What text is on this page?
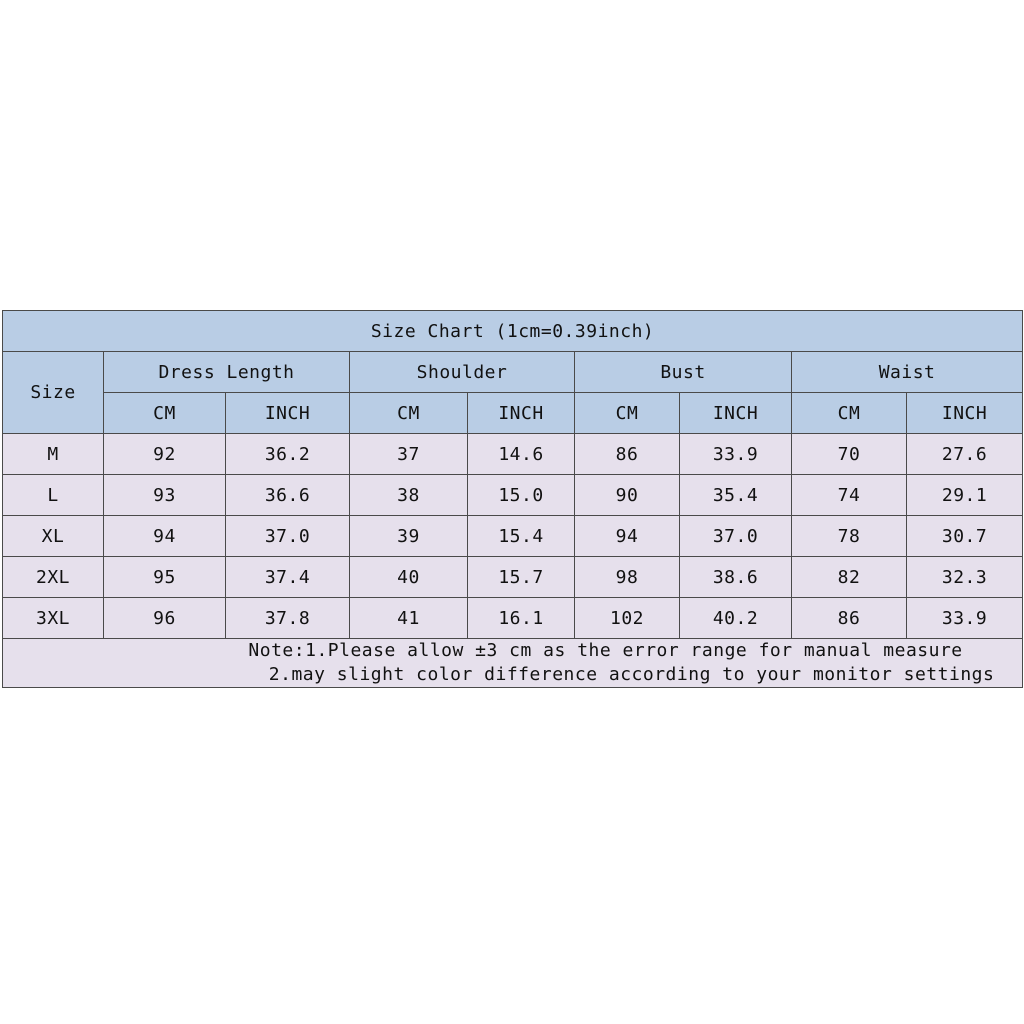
Size Chart (1cm=0.39inch)								
Size	Dress Length		Shoulder		Bust		Waist	
	CM	INCH	CM	INCH	CM	INCH	CM	INCH
M	92	36.2	37	14.6	86	33.9	70	27.6
L	93	36.6	38	15.0	90	35.4	74	29.1
XL	94	37.0	39	15.4	94	37.0	78	30.7
2XL	95	37.4	40	15.7	98	38.6	82	32.3
3XL	96	37.8	41	16.1	102	40.2	86	33.9

Note:1.Please allow ±3 cm as the error range for manual measure
2.may slight color difference according to your monitor settings								
